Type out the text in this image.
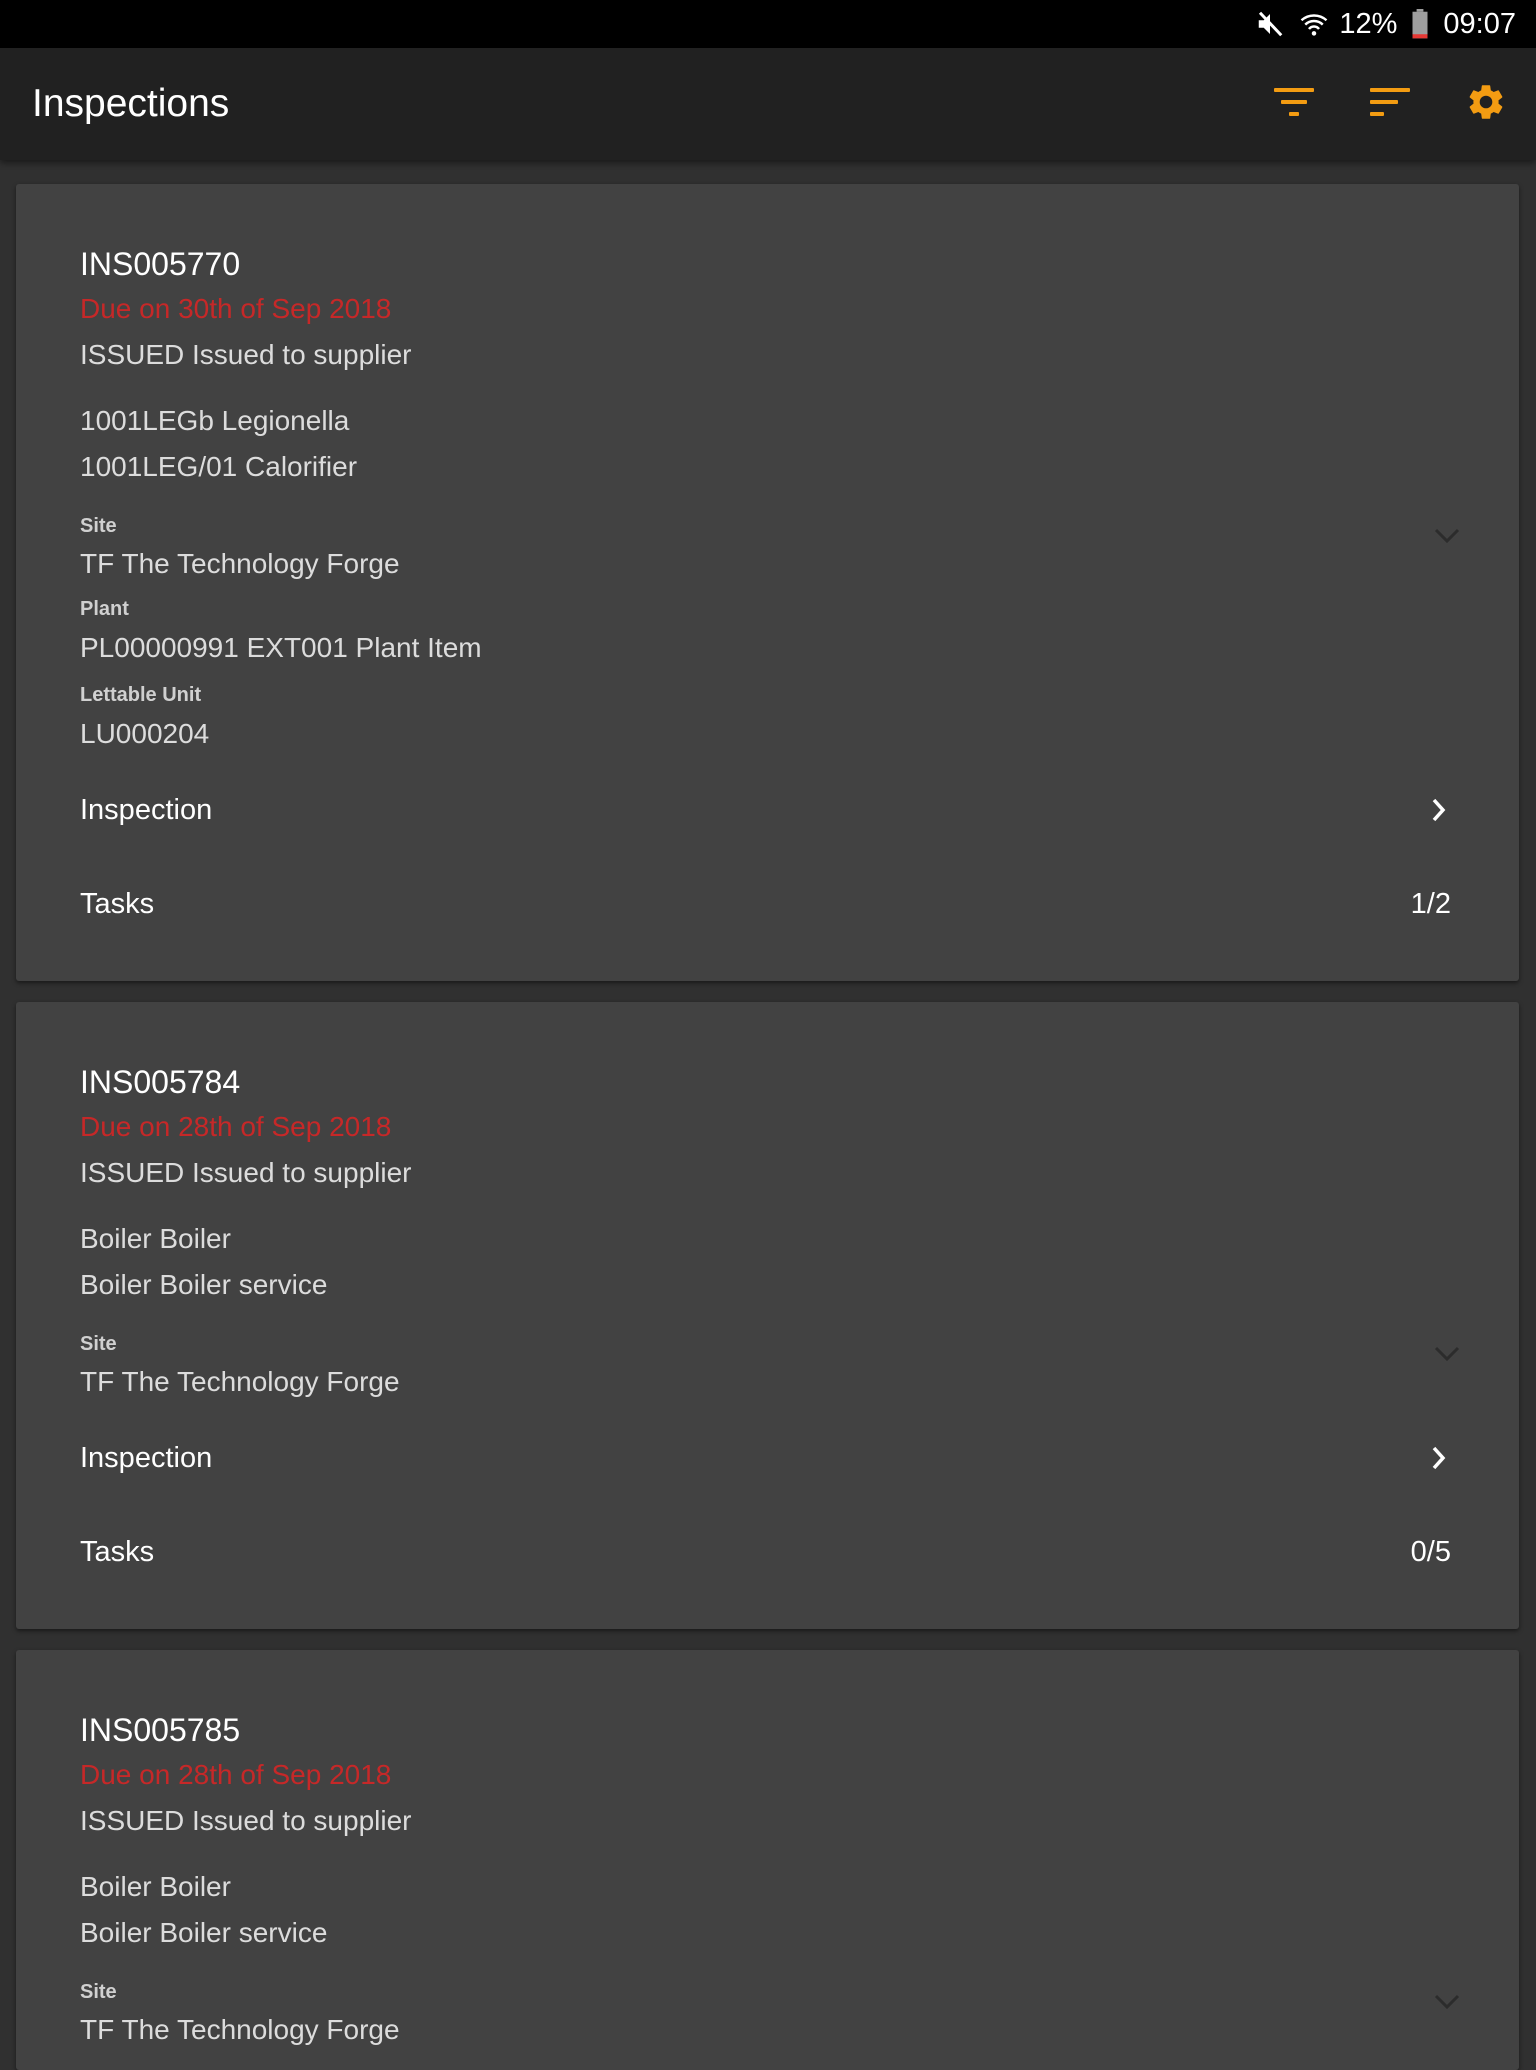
12% 09:07
Inspections
INS005770
Due on 30th of Sep 2018
ISSUED Issued to supplier
1001LEGb Legionella
1001LEG/01 Calorifier
Site
TF The Technology Forge
Plant
PL00000991 EXT001 Plant Item
Lettable Unit
LU000204
Inspection
Tasks	1/2
INS005784
Due on 28th of Sep 2018
ISSUED Issued to supplier
Boiler Boiler
Boiler Boiler service
Site
TF The Technology Forge
Inspection
Tasks	0/5
INS005785
Due on 28th of Sep 2018
ISSUED Issued to supplier
Boiler Boiler
Boiler Boiler service
Site
TF The Technology Forge
